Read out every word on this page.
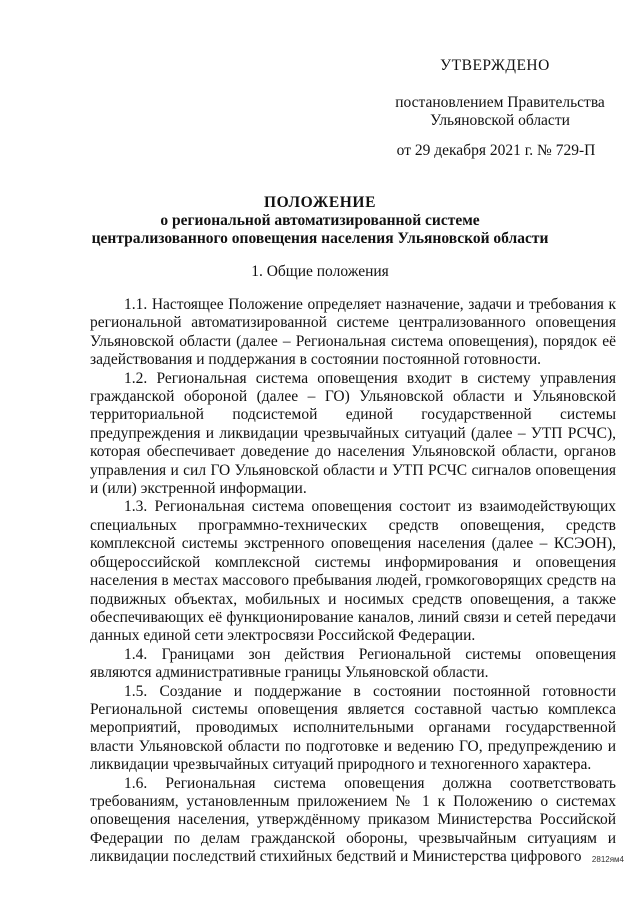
УТВЕРЖДЕНО
постановлением Правительства
Ульяновской области
от 29 декабря 2021 г. № 729-П
ПОЛОЖЕНИЕ
о региональной автоматизированной системе
централизованного оповещения населения Ульяновской области
1. Общие положения

1.1. Настоящее Положение определяет назначение, задачи и требования к региональной автоматизированной системе централизованного оповещения Ульяновской области (далее – Региональная система оповещения), порядок её задействования и поддержания в состоянии постоянной готовности.

1.2. Региональная система оповещения входит в систему управления гражданской обороной (далее – ГО) Ульяновской области и Ульяновской территориальной подсистемой единой государственной системы предупреждения и ликвидации чрезвычайных ситуаций (далее – УТП РСЧС), которая обеспечивает доведение до населения Ульяновской области, органов управления и сил ГО Ульяновской области и УТП РСЧС сигналов оповещения и (или) экстренной информации.

1.3. Региональная система оповещения состоит из взаимодействующих специальных программно-технических средств оповещения, средств комплексной системы экстренного оповещения населения (далее – КСЭОН), общероссийской комплексной системы информирования и оповещения населения в местах массового пребывания людей, громкоговорящих средств на подвижных объектах, мобильных и носимых средств оповещения, а также обеспечивающих её функционирование каналов, линий связи и сетей передачи данных единой сети электросвязи Российской Федерации.

1.4. Границами зон действия Региональной системы оповещения являются административные границы Ульяновской области.

1.5. Создание и поддержание в состоянии постоянной готовности Региональной системы оповещения является составной частью комплекса мероприятий, проводимых исполнительными органами государственной власти Ульяновской области по подготовке и ведению ГО, предупреждению и ликвидации чрезвычайных ситуаций природного и техногенного характера.

1.6. Региональная система оповещения должна соответствовать требованиям, установленным приложением № 1 к Положению о системах оповещения населения, утверждённому приказом Министерства Российской Федерации по делам гражданской обороны, чрезвычайным ситуациям и ликвидации последствий стихийных бедствий и Министерства цифрового	2812ям4
